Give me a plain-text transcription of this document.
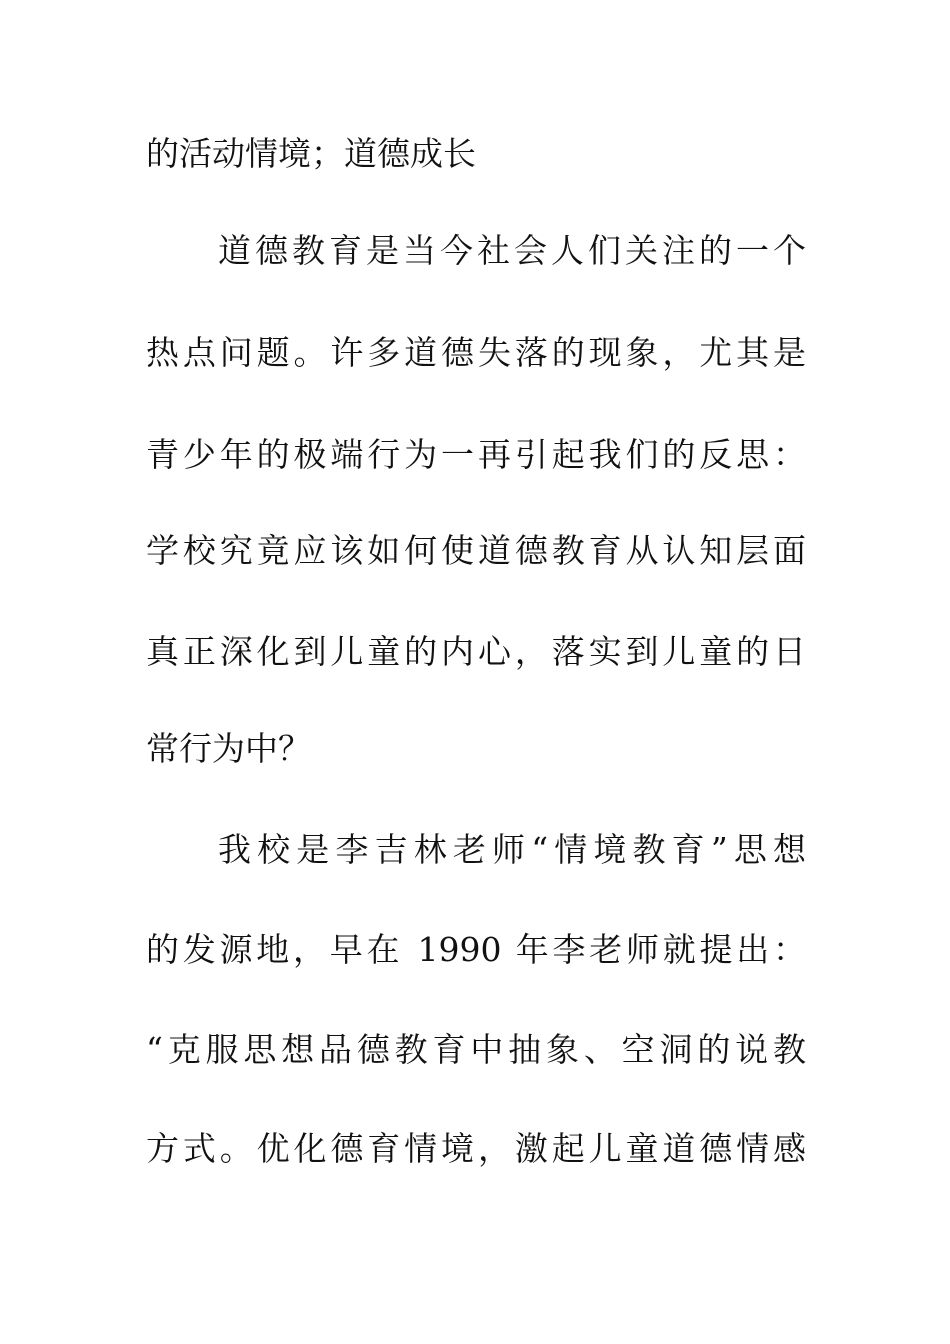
的活动情境；道德成长
道德教育是当今社会人们关注的一个
热点问题。许多道德失落的现象，尤其是
青少年的极端行为一再引起我们的反思：
学校究竟应该如何使道德教育从认知层面
真正深化到儿童的内心，落实到儿童的日
常行为中？
我校是李吉林老师“情境教育”思想
的发源地，早在 1990 年李老师就提出：
“克服思想品德教育中抽象、空洞的说教
方式。优化德育情境，激起儿童道德情感
